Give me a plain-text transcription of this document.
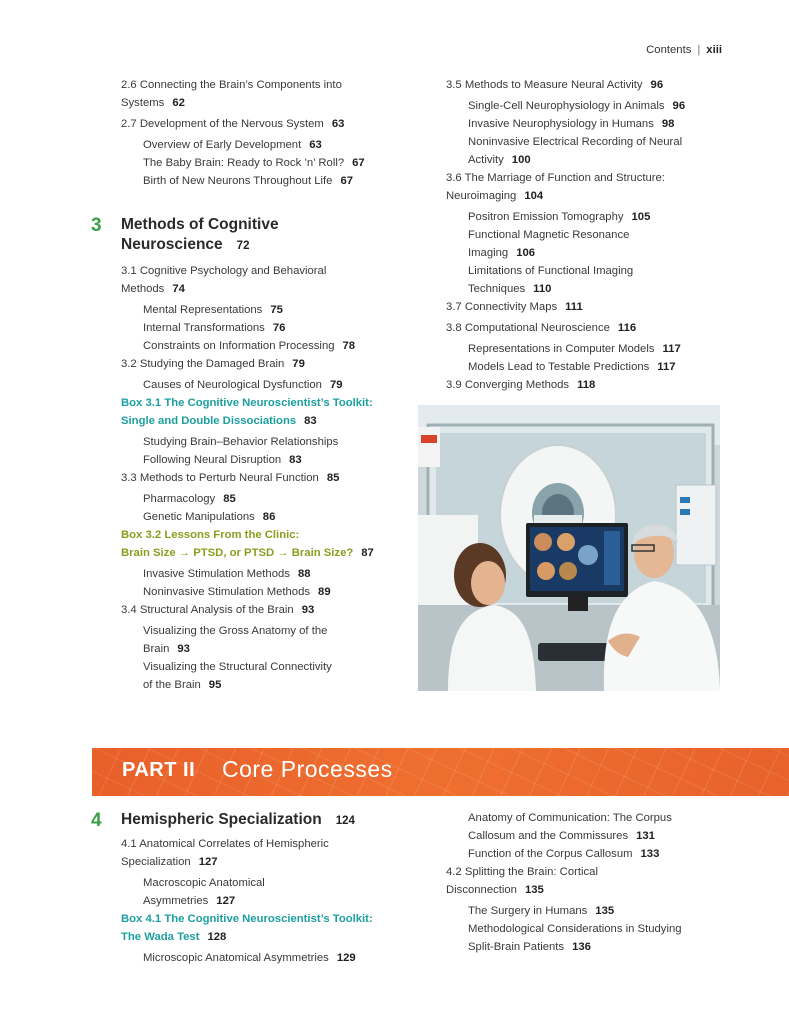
Contents | xiii
2.6 Connecting the Brain’s Components into
Systems 62
2.7 Development of the Nervous System 63
Overview of Early Development 63
The Baby Brain: Ready to Rock ’n’ Roll? 67
Birth of New Neurons Throughout Life 67
3 Methods of Cognitive
Neuroscience 72
3.1 Cognitive Psychology and Behavioral
Methods 74
Mental Representations 75
Internal Transformations 76
Constraints on Information Processing 78
3.2 Studying the Damaged Brain 79
Causes of Neurological Dysfunction 79
Box 3.1 The Cognitive Neuroscientist’s Toolkit:
Single and Double Dissociations 83
Studying Brain–Behavior Relationships
Following Neural Disruption 83
3.3 Methods to Perturb Neural Function 85
Pharmacology 85
Genetic Manipulations 86
Box 3.2 Lessons From the Clinic:
Brain Size → PTSD, or PTSD → Brain Size? 87
Invasive Stimulation Methods 88
Noninvasive Stimulation Methods 89
3.4 Structural Analysis of the Brain 93
Visualizing the Gross Anatomy of the
Brain 93
Visualizing the Structural Connectivity
of the Brain 95
3.5 Methods to Measure Neural Activity 96
Single-Cell Neurophysiology in Animals 96
Invasive Neurophysiology in Humans 98
Noninvasive Electrical Recording of Neural
Activity 100
3.6 The Marriage of Function and Structure:
Neuroimaging 104
Positron Emission Tomography 105
Functional Magnetic Resonance
Imaging 106
Limitations of Functional Imaging
Techniques 110
3.7 Connectivity Maps 111
3.8 Computational Neuroscience 116
Representations in Computer Models 117
Models Lead to Testable Predictions 117
3.9 Converging Methods 118
PART II Core Processes
4 Hemispheric Specialization 124
4.1 Anatomical Correlates of Hemispheric
Specialization 127
Macroscopic Anatomical
Asymmetries 127
Box 4.1 The Cognitive Neuroscientist’s Toolkit:
The Wada Test 128
Microscopic Anatomical Asymmetries 129
Anatomy of Communication: The Corpus
Callosum and the Commissures 131
Function of the Corpus Callosum 133
4.2 Splitting the Brain: Cortical
Disconnection 135
The Surgery in Humans 135
Methodological Considerations in Studying
Split-Brain Patients 136
